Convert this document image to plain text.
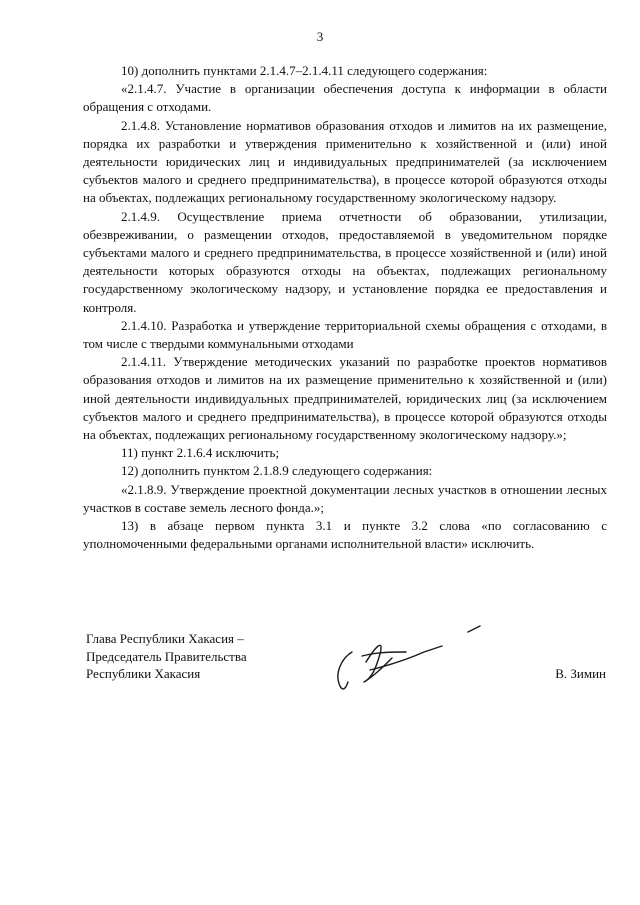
3

10) дополнить пунктами 2.1.4.7–2.1.4.11 следующего содержания:

«2.1.4.7. Участие в организации обеспечения доступа к информации в области обращения с отходами.

2.1.4.8. Установление нормативов образования отходов и лимитов на их размещение, порядка их разработки и утверждения применительно к хозяйственной и (или) иной деятельности юридических лиц и индивидуальных предпринимателей (за исключением субъектов малого и среднего предпринимательства), в процессе которой образуются отходы на объектах, подлежащих региональному государственному экологическому надзору.

2.1.4.9. Осуществление приема отчетности об образовании, утилизации, обезвреживании, о размещении отходов, предоставляемой в уведомительном порядке субъектами малого и среднего предпринимательства, в процессе хозяйственной и (или) иной деятельности которых образуются отходы на объектах, подлежащих региональному государственному экологическому надзору, и установление порядка ее предоставления и контроля.

2.1.4.10. Разработка и утверждение территориальной схемы обращения с отходами, в том числе с твердыми коммунальными отходами

2.1.4.11. Утверждение методических указаний по разработке проектов нормативов образования отходов и лимитов на их размещение применительно к хозяйственной и (или) иной деятельности индивидуальных предпринимателей, юридических лиц (за исключением субъектов малого и среднего предпринимательства), в процессе которой образуются отходы на объектах, подлежащих региональному государственному экологическому надзору.»;

11) пункт 2.1.6.4 исключить;

12) дополнить пунктом 2.1.8.9 следующего содержания:

«2.1.8.9. Утверждение проектной документации лесных участков в отношении лесных участков в составе земель лесного фонда.»;

13) в абзаце первом пункта 3.1 и пункте 3.2 слова «по согласованию с уполномоченными федеральными органами исполнительной власти» исключить.

Глава Республики Хакасия –
Председатель Правительства
Республики Хакасия	В. Зимин
